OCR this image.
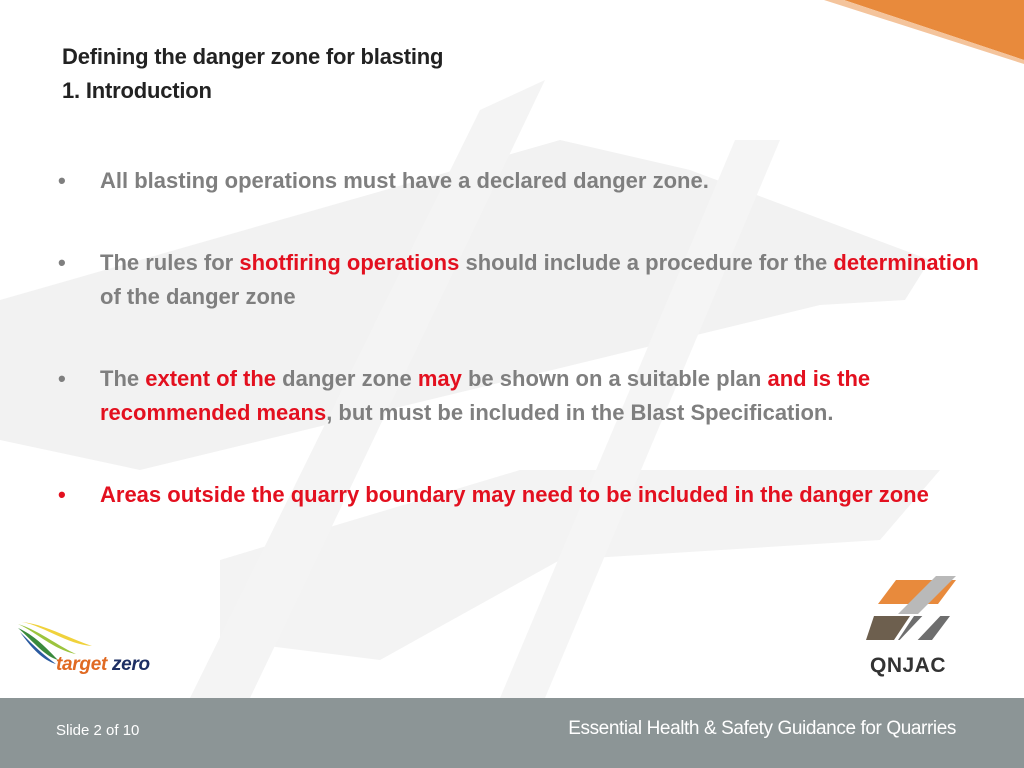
Defining the danger zone for blasting
1. Introduction
•	All blasting operations must have a declared danger zone.
•	The rules for shotfiring operations should include a procedure for the determination of the danger zone
•	The extent of the danger zone may be shown on a suitable plan and is the recommended means, but must be included in the Blast Specification.
•	Areas outside the quarry boundary may need to be included in the danger zone
target zero	QNJAC
Slide 2 of 10	Essential Health & Safety Guidance for Quarries
